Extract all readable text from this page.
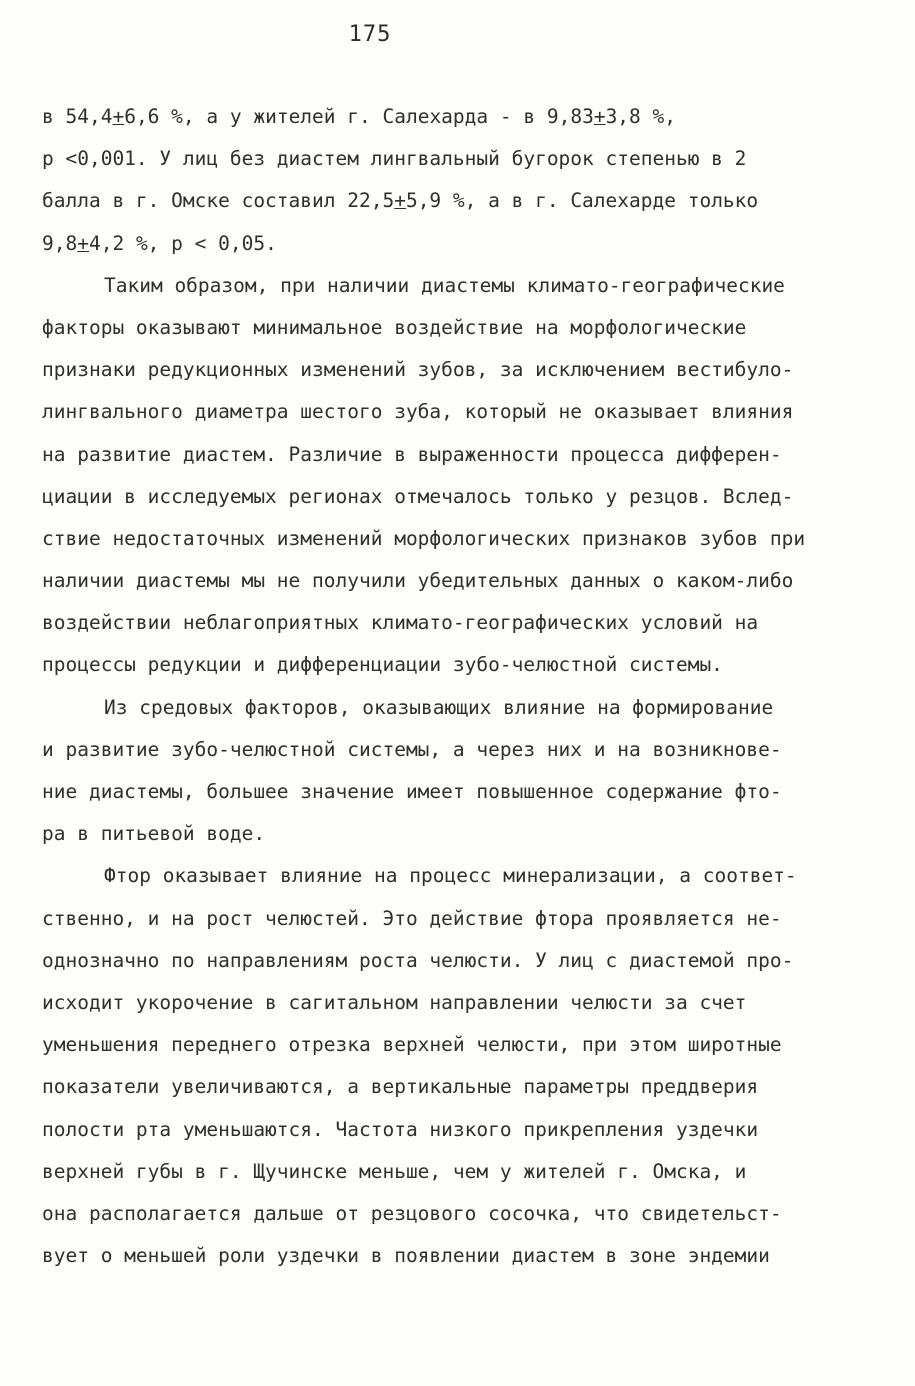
175
в 54,4+6,6 %, а у жителей г. Салехарда - в 9,83+3,8 %,
р <0,001. У лиц без диастем лингвальный бугорок степенью в 2
балла в г. Омске составил 22,5+5,9 %, а в г. Салехарде только
9,8+4,2 %, р < 0,05.
Таким образом, при наличии диастемы климато-географические
факторы оказывают минимальное воздействие на морфологические
признаки редукционных изменений зубов, за исключением вестибуло-
лингвального диаметра шестого зуба, который не оказывает влияния
на развитие диастем. Различие в выраженности процесса дифферен-
циации в исследуемых регионах отмечалось только у резцов. Вслед-
ствие недостаточных изменений морфологических признаков зубов при
наличии диастемы мы не получили убедительных данных о каком-либо
воздействии неблагоприятных климато-географических условий на
процессы редукции и дифференциации зубо-челюстной системы.
Из средовых факторов, оказывающих влияние на формирование
и развитие зубо-челюстной системы, а через них и на возникнове-
ние диастемы, большее значение имеет повышенное содержание фто-
ра в питьевой воде.
Фтор оказывает влияние на процесс минерализации, а соответ-
ственно, и на рост челюстей. Это действие фтора проявляется не-
однозначно по направлениям роста челюсти. У лиц с диастемой про-
исходит укорочение в сагитальном направлении челюсти за счет
уменьшения переднего отрезка верхней челюсти, при этом широтные
показатели увеличиваются, а вертикальные параметры преддверия
полости рта уменьшаются. Частота низкого прикрепления уздечки
верхней губы в г. Щучинске меньше, чем у жителей г. Омска, и
она располагается дальше от резцового сосочка, что свидетельст-
вует о меньшей роли уздечки в появлении диастем в зоне эндемии
